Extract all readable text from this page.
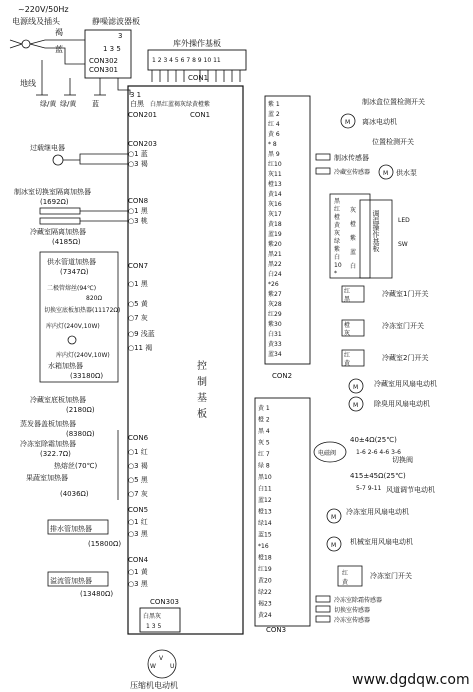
~220V/50Hz
电源线及插头	静噪滤波器板
褐
蓝
3
1 3 5
CON302
CON301
地线
绿/黄	蓝
绿/黄
库外操作基板
1 2 3 4 5 6 7 8 9 10 11
CON1
3 1
白黑
CON201
白黑红蓝褐灰绿黄橙紫
CON1
控制基板
CON203
○1 蓝
○3 褐
过载继电器
CON8
○1 黑
○3 桃
制冰室切换室隔离加热器
(1692Ω)
冷藏室隔离加热器
(4185Ω)
CON7
○1 黑
○5 黄
○7 灰
○9 浅蓝
○11 褐
供水管道加热器
(7347Ω)
二极管熔丝(94℃)
820Ω
切换室底板加热器(11172Ω)
库内灯(240V,10W)
库内灯(240V,10W)
水箱加热器
(33180Ω)
冷藏室底板加热器
(2180Ω)
蒸发器盖板加热器
(8380Ω)
冷冻室除霜加热器
(322.7Ω)
热熔丝(70℃)
果蔬室加热器
(4036Ω)
CON6
○1 红
○3 褐
○5 黑
○7 灰
CON5
○1 红
○3 黑
排水管加热器
(15800Ω)
CON4
○1 黄
○3 黑
溢流管加热器
(13480Ω)
CON303
白黑灰
1 3 5
W
V
U
压缩机电动机
CON2
紫 1
蓝 2
红 4
黄 6
* 8
黑 9
红10
灰11
橙13
黄14
灰16
灰17
黄18
蓝19
紫20
黑21
黑22
白24
*26
紫27
灰28
红29
紫30
白31
黄33
蓝34
CON3
黄 1
橙 2
黑 4
灰 5
红 7
绿 8
黑10
白11
蓝12
橙13
绿14
蓝15
*16
橙18
红19
黄20
绿22
褐23
黄24
制冰盒位置检测开关
M 离冰电动机
位置检测开关
制冰传感器
冷藏室传感器 M 供水泵
黑
红
橙
黄
灰
绿
紫
白
10
*
灰
橙
紫
蓝
白
调温操作基板	LED
SW
红
黑
冷藏室1门开关
橙
灰
冷冻室门开关
红
黄
冷藏室2门开关
M 冷藏室用风扇电动机
M 除臭用风扇电动机
电磁阀
40±4Ω(25℃)
1-6 2-6 4-6 3-6
切换阀
415±45Ω(25℃)
5-7 9-11 风道调节电动机
M
冷冻室用风扇电动机
M 机械室用风扇电动机
红
黄
冷冻室门开关
冷冻室除霜传感器
切换室传感器
冷冻室传感器
www.dgdqw.com
